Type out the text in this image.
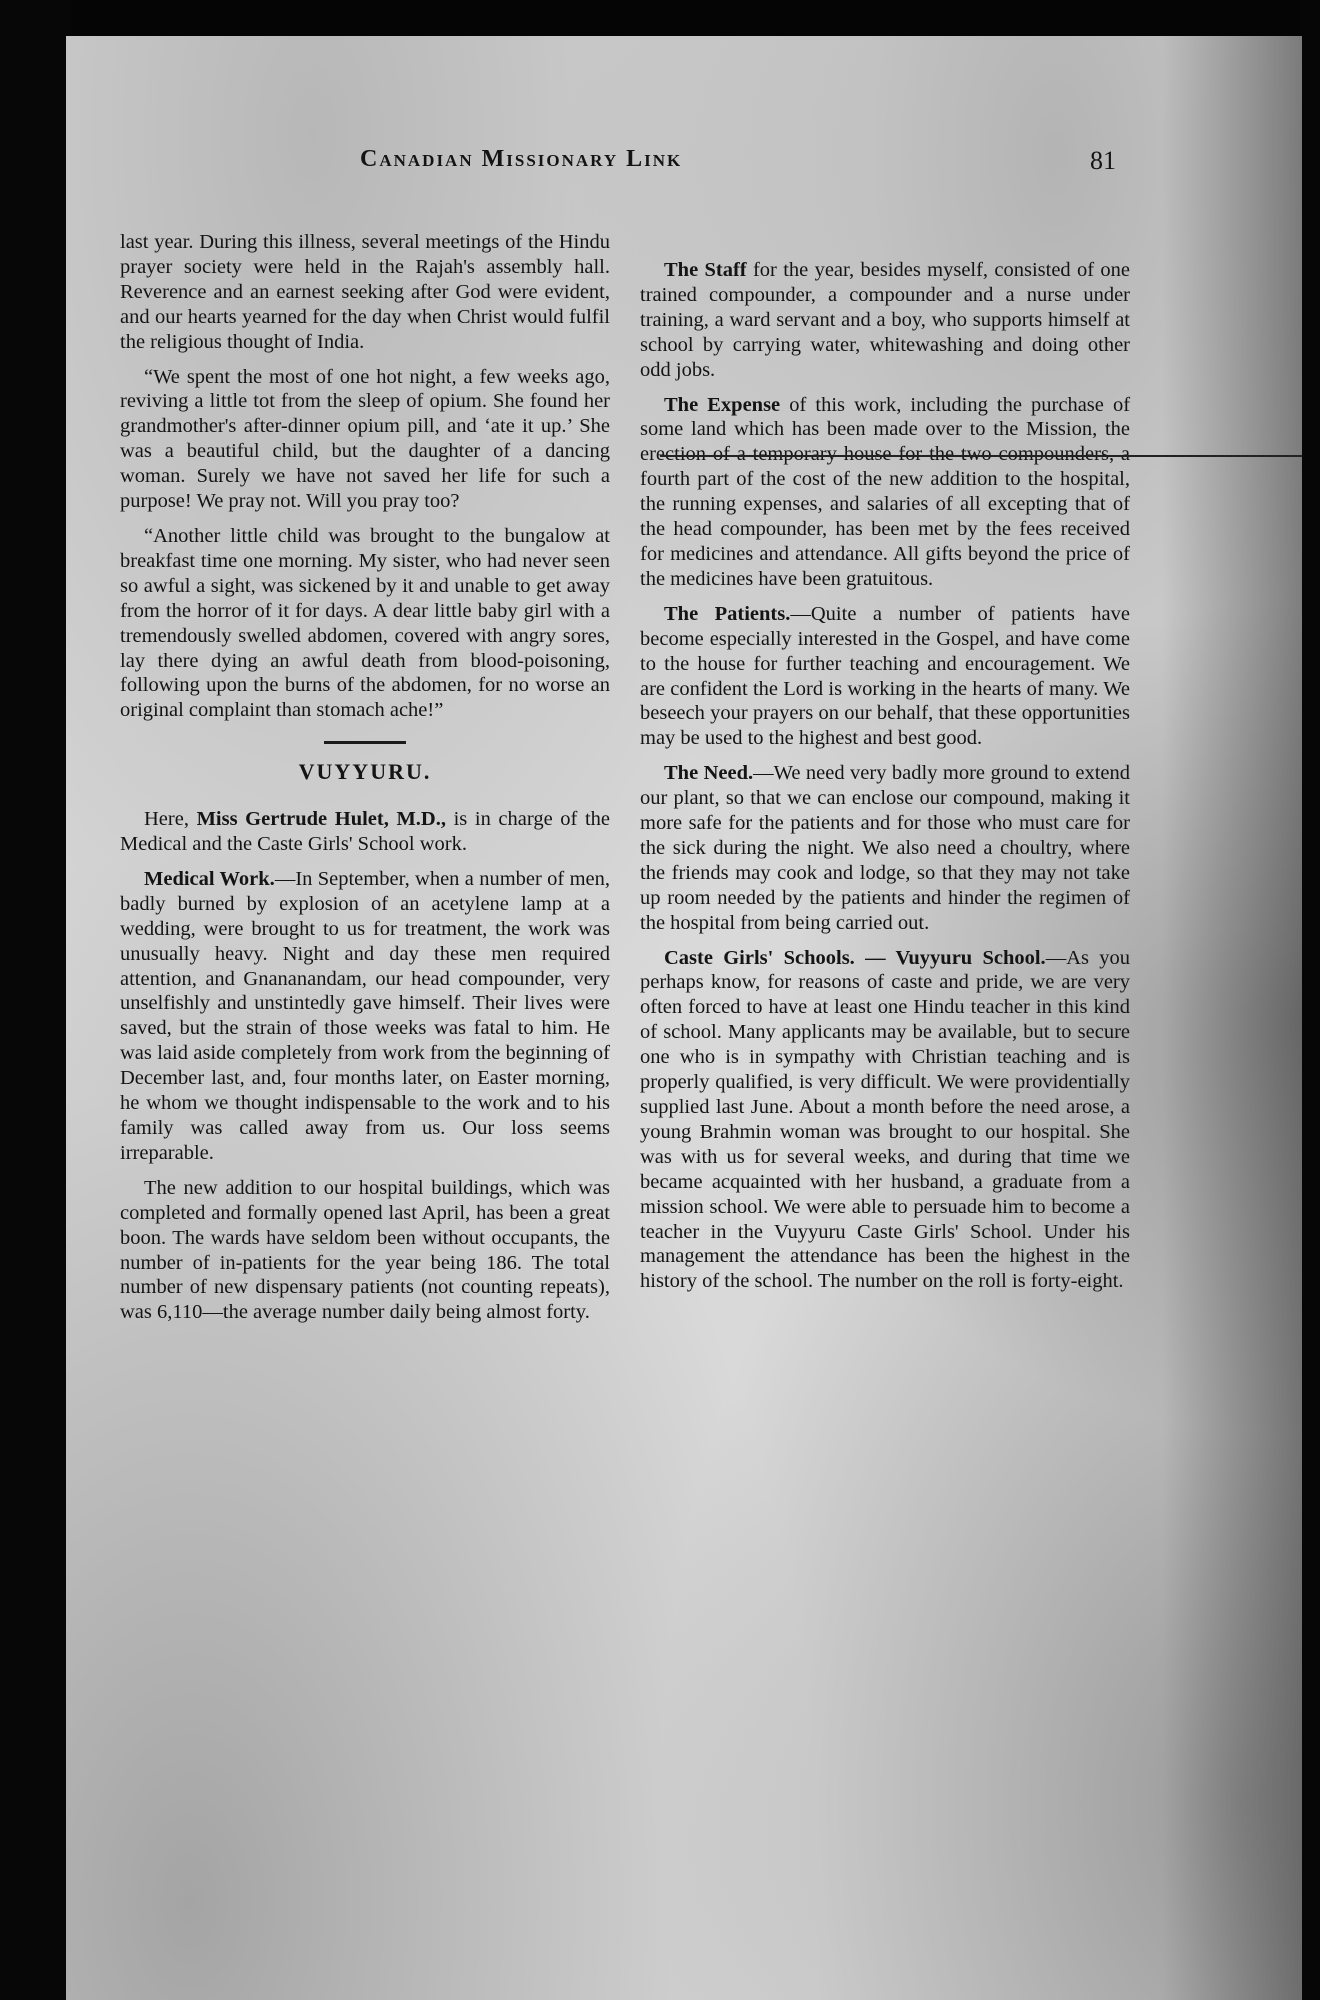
Canadian Missionary Link	81

last year. During this illness, several meetings of the Hindu prayer society were held in the Rajah's assembly hall. Reverence and an earnest seeking after God were evident, and our hearts yearned for the day when Christ would fulfil the religious thought of India.

“We spent the most of one hot night, a few weeks ago, reviving a little tot from the sleep of opium. She found her grandmother's after-dinner opium pill, and ‘ate it up.’ She was a beautiful child, but the daughter of a dancing woman. Surely we have not saved her life for such a purpose! We pray not. Will you pray too?

“Another little child was brought to the bungalow at breakfast time one morning. My sister, who had never seen so awful a sight, was sickened by it and unable to get away from the horror of it for days. A dear little baby girl with a tremendously swelled abdomen, covered with angry sores, lay there dying an awful death from blood-poisoning, following upon the burns of the abdomen, for no worse an original complaint than stomach ache!”

VUYYURU.

Here, Miss Gertrude Hulet, M.D., is in charge of the Medical and the Caste Girls' School work.

Medical Work.—In September, when a number of men, badly burned by explosion of an acetylene lamp at a wedding, were brought to us for treatment, the work was unusually heavy. Night and day these men required attention, and Gnananandam, our head compounder, very unselfishly and unstintedly gave himself. Their lives were saved, but the strain of those weeks was fatal to him. He was laid aside completely from work from the beginning of December last, and, four months later, on Easter morning, he whom we thought indispensable to the work and to his family was called away from us. Our loss seems irreparable.

The new addition to our hospital buildings, which was completed and formally opened last April, has been a great boon. The wards have seldom been without occupants, the number of in-patients for the year being 186. The total number of new dispensary patients (not counting repeats), was 6,110—the average number daily being almost forty.

The Staff for the year, besides myself, consisted of one trained compounder, a compounder and a nurse under training, a ward servant and a boy, who supports himself at school by carrying water, whitewashing and doing other odd jobs.

The Expense of this work, including the purchase of some land which has been made over to the Mission, the erection of a temporary house for the two compounders, a fourth part of the cost of the new addition to the hospital, the running expenses, and salaries of all excepting that of the head compounder, has been met by the fees received for medicines and attendance. All gifts beyond the price of the medicines have been gratuitous.

The Patients.—Quite a number of patients have become especially interested in the Gospel, and have come to the house for further teaching and encouragement. We are confident the Lord is working in the hearts of many. We beseech your prayers on our behalf, that these opportunities may be used to the highest and best good.

The Need.—We need very badly more ground to extend our plant, so that we can enclose our compound, making it more safe for the patients and for those who must care for the sick during the night. We also need a choultry, where the friends may cook and lodge, so that they may not take up room needed by the patients and hinder the regimen of the hospital from being carried out.

Caste Girls' Schools. — Vuyyuru School.—As you perhaps know, for reasons of caste and pride, we are very often forced to have at least one Hindu teacher in this kind of school. Many applicants may be available, but to secure one who is in sympathy with Christian teaching and is properly qualified, is very difficult. We were providentially supplied last June. About a month before the need arose, a young Brahmin woman was brought to our hospital. She was with us for several weeks, and during that time we became acquainted with her husband, a graduate from a mission school. We were able to persuade him to become a teacher in the Vuyyuru Caste Girls' School. Under his management the attendance has been the highest in the history of the school. The number on the roll is forty-eight.
